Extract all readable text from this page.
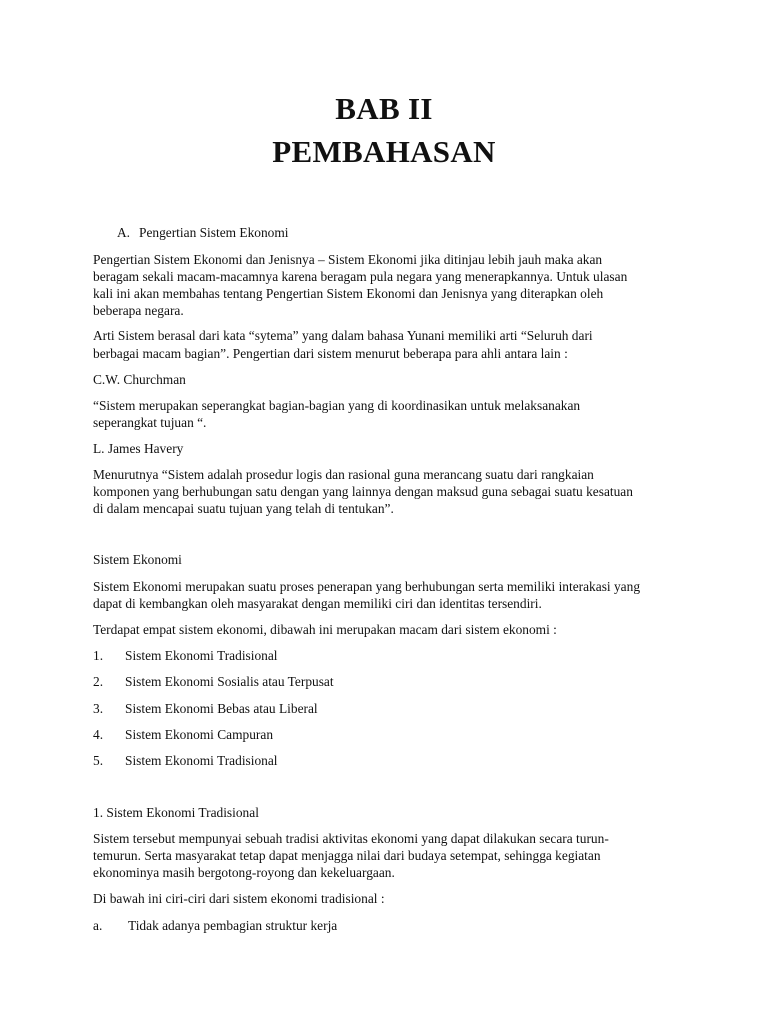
BAB II
PEMBAHASAN
A. Pengertian Sistem Ekonomi
Pengertian Sistem Ekonomi dan Jenisnya – Sistem Ekonomi jika ditinjau lebih jauh maka akan
beragam sekali macam-macamnya karena beragam pula negara yang menerapkannya. Untuk ulasan
kali ini akan membahas tentang Pengertian Sistem Ekonomi dan Jenisnya yang diterapkan oleh
beberapa negara.
Arti Sistem berasal dari kata “sytema” yang dalam bahasa Yunani memiliki arti “Seluruh dari
berbagai macam bagian”. Pengertian dari sistem menurut beberapa para ahli antara lain :
C.W. Churchman
“Sistem merupakan seperangkat bagian-bagian yang di koordinasikan untuk melaksanakan
seperangkat tujuan “.
L. James Havery
Menurutnya “Sistem adalah prosedur logis dan rasional guna merancang suatu dari rangkaian
komponen yang berhubungan satu dengan yang lainnya dengan maksud guna sebagai suatu kesatuan
di dalam mencapai suatu tujuan yang telah di tentukan”.
Sistem Ekonomi
Sistem Ekonomi merupakan suatu proses penerapan yang berhubungan serta memiliki interakasi yang
dapat di kembangkan oleh masyarakat dengan memiliki ciri dan identitas tersendiri.
Terdapat empat sistem ekonomi, dibawah ini merupakan macam dari sistem ekonomi :
1. Sistem Ekonomi Tradisional
2. Sistem Ekonomi Sosialis atau Terpusat
3. Sistem Ekonomi Bebas atau Liberal
4. Sistem Ekonomi Campuran
5. Sistem Ekonomi Tradisional
1. Sistem Ekonomi Tradisional
Sistem tersebut mempunyai sebuah tradisi aktivitas ekonomi yang dapat dilakukan secara turun-
temurun. Serta masyarakat tetap dapat menjagga nilai dari budaya setempat, sehingga kegiatan
ekonominya masih bergotong-royong dan kekeluargaan.
Di bawah ini ciri-ciri dari sistem ekonomi tradisional :
a. Tidak adanya pembagian struktur kerja
